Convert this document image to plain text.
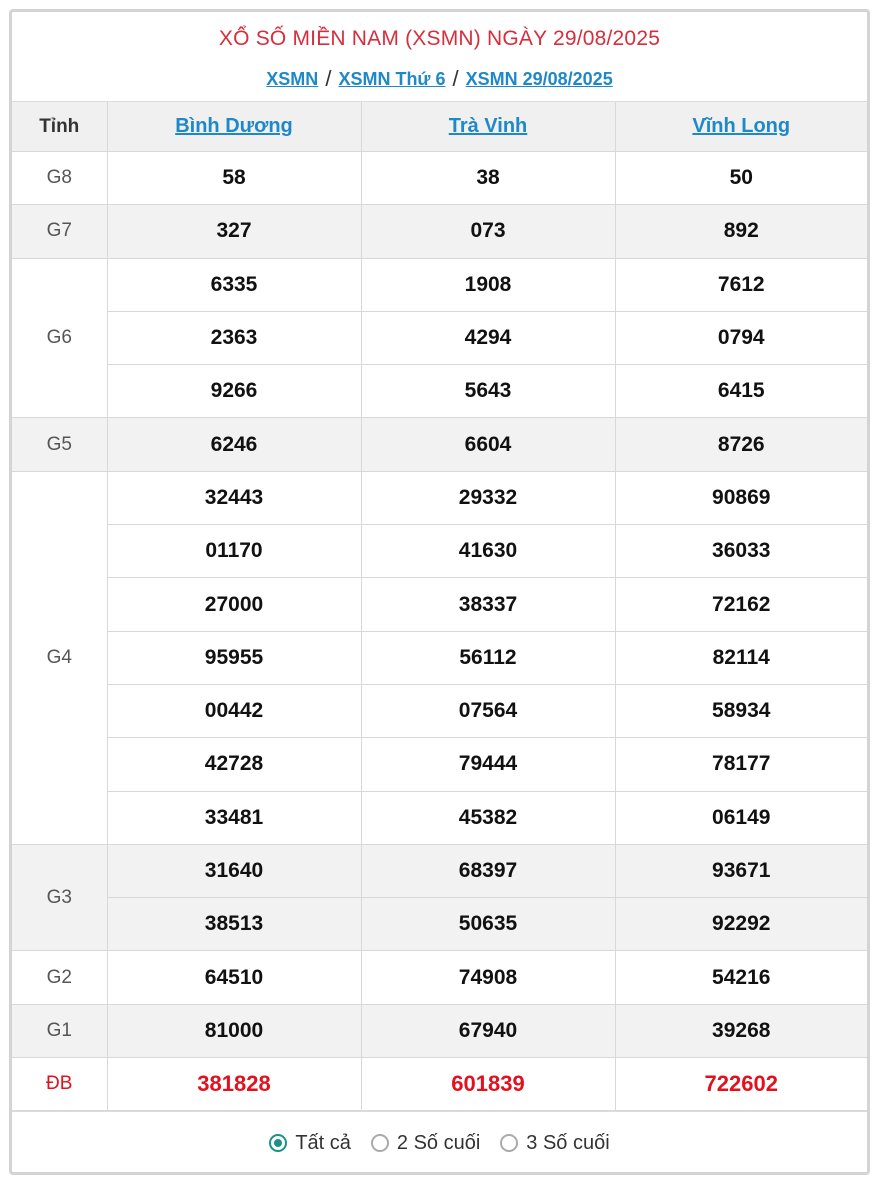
XỔ SỐ MIỀN NAM (XSMN) NGÀY 29/08/2025
XSMN / XSMN Thứ 6 / XSMN 29/08/2025
Tỉnh	Bình Dương	Trà Vinh	Vĩnh Long
G8	58	38	50
G7	327	073	892
G6	6335	1908	7612
	2363	4294	0794
	9266	5643	6415
G5	6246	6604	8726
G4	32443	29332	90869
	01170	41630	36033
	27000	38337	72162
	95955	56112	82114
	00442	07564	58934
	42728	79444	78177
	33481	45382	06149
G3	31640	68397	93671
	38513	50635	92292
G2	64510	74908	54216
G1	81000	67940	39268
ĐB	381828	601839	722602
Tất cả 2 Số cuối 3 Số cuối
